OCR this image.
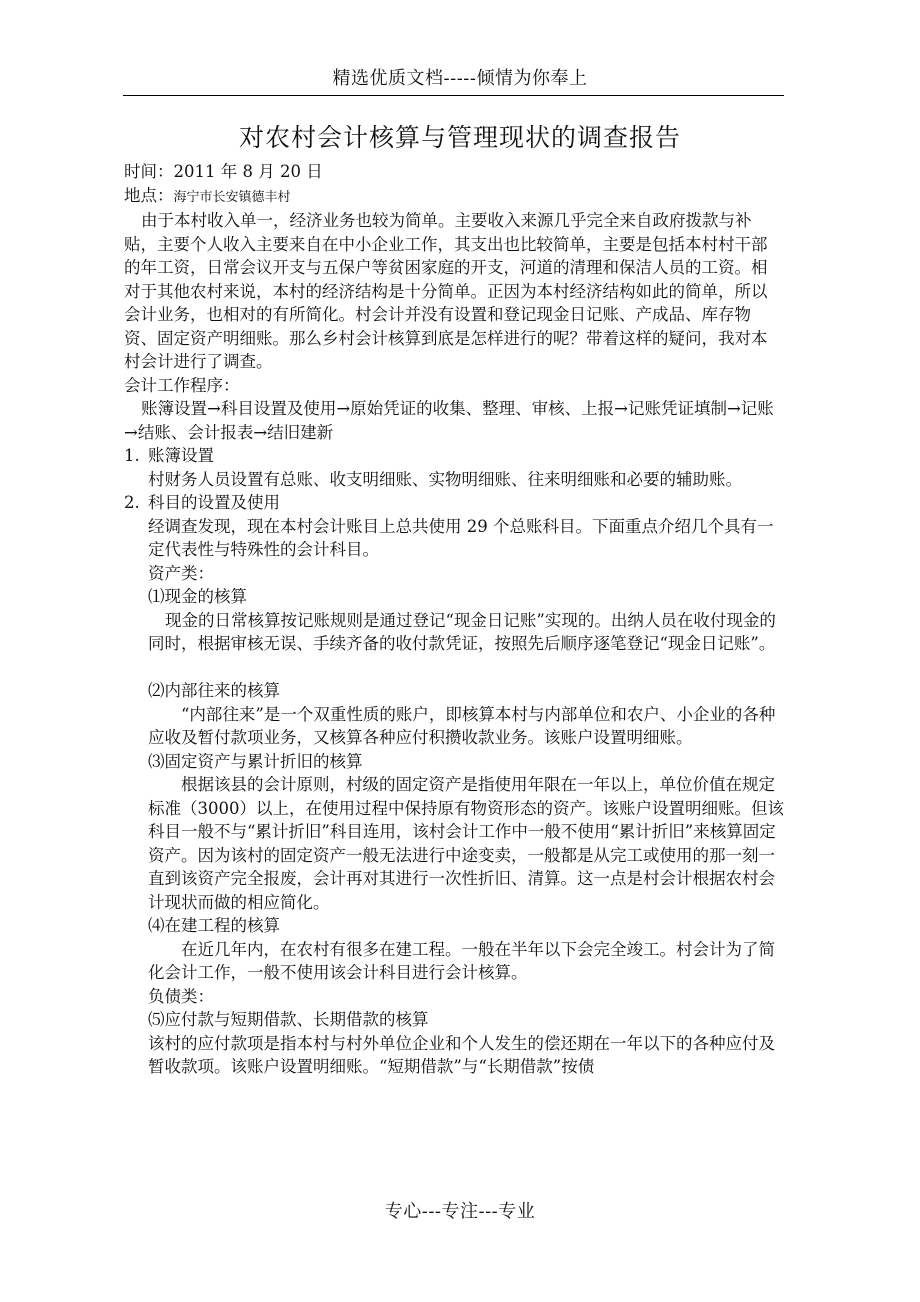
精选优质文档-----倾情为你奉上
对农村会计核算与管理现状的调查报告

时间：2011 年 8 月 20 日

地点：海宁市长安镇德丰村

由于本村收入单一，经济业务也较为简单。主要收入来源几乎完全来自政府拨款与补贴，主要个人收入主要来自在中小企业工作，其支出也比较简单，主要是包括本村村干部的年工资，日常会议开支与五保户等贫困家庭的开支，河道的清理和保洁人员的工资。相对于其他农村来说，本村的经济结构是十分简单。正因为本村经济结构如此的简单，所以会计业务，也相对的有所简化。村会计并没有设置和登记现金日记账、产成品、库存物资、固定资产明细账。那么乡村会计核算到底是怎样进行的呢？带着这样的疑问，我对本村会计进行了调查。

会计工作程序：

账簿设置→科目设置及使用→原始凭证的收集、整理、审核、上报→记账凭证填制→记账→结账、会计报表→结旧建新

1. 账簿设置

村财务人员设置有总账、收支明细账、实物明细账、往来明细账和必要的辅助账。

2. 科目的设置及使用

经调查发现，现在本村会计账目上总共使用 29 个总账科目。下面重点介绍几个具有一定代表性与特殊性的会计科目。

资产类：

⑴现金的核算

现金的日常核算按记账规则是通过登记“现金日记账”实现的。出纳人员在收付现金的同时，根据审核无误、手续齐备的收付款凭证，按照先后顺序逐笔登记“现金日记账”。

⑵内部往来的核算

“内部往来”是一个双重性质的账户，即核算本村与内部单位和农户、小企业的各种应收及暂付款项业务，又核算各种应付积攒收款业务。该账户设置明细账。

⑶固定资产与累计折旧的核算

根据该县的会计原则，村级的固定资产是指使用年限在一年以上，单位价值在规定标准（3000）以上，在使用过程中保持原有物资形态的资产。该账户设置明细账。但该科目一般不与“累计折旧”科目连用，该村会计工作中一般不使用“累计折旧”来核算固定资产。因为该村的固定资产一般无法进行中途变卖，一般都是从完工或使用的那一刻一直到该资产完全报废，会计再对其进行一次性折旧、清算。这一点是村会计根据农村会计现状而做的相应简化。

⑷在建工程的核算

在近几年内，在农村有很多在建工程。一般在半年以下会完全竣工。村会计为了简化会计工作，一般不使用该会计科目进行会计核算。

负债类：

⑸应付款与短期借款、长期借款的核算

该村的应付款项是指本村与村外单位企业和个人发生的偿还期在一年以下的各种应付及暂收款项。该账户设置明细账。“短期借款”与“长期借款”按债

专心---专注---专业
